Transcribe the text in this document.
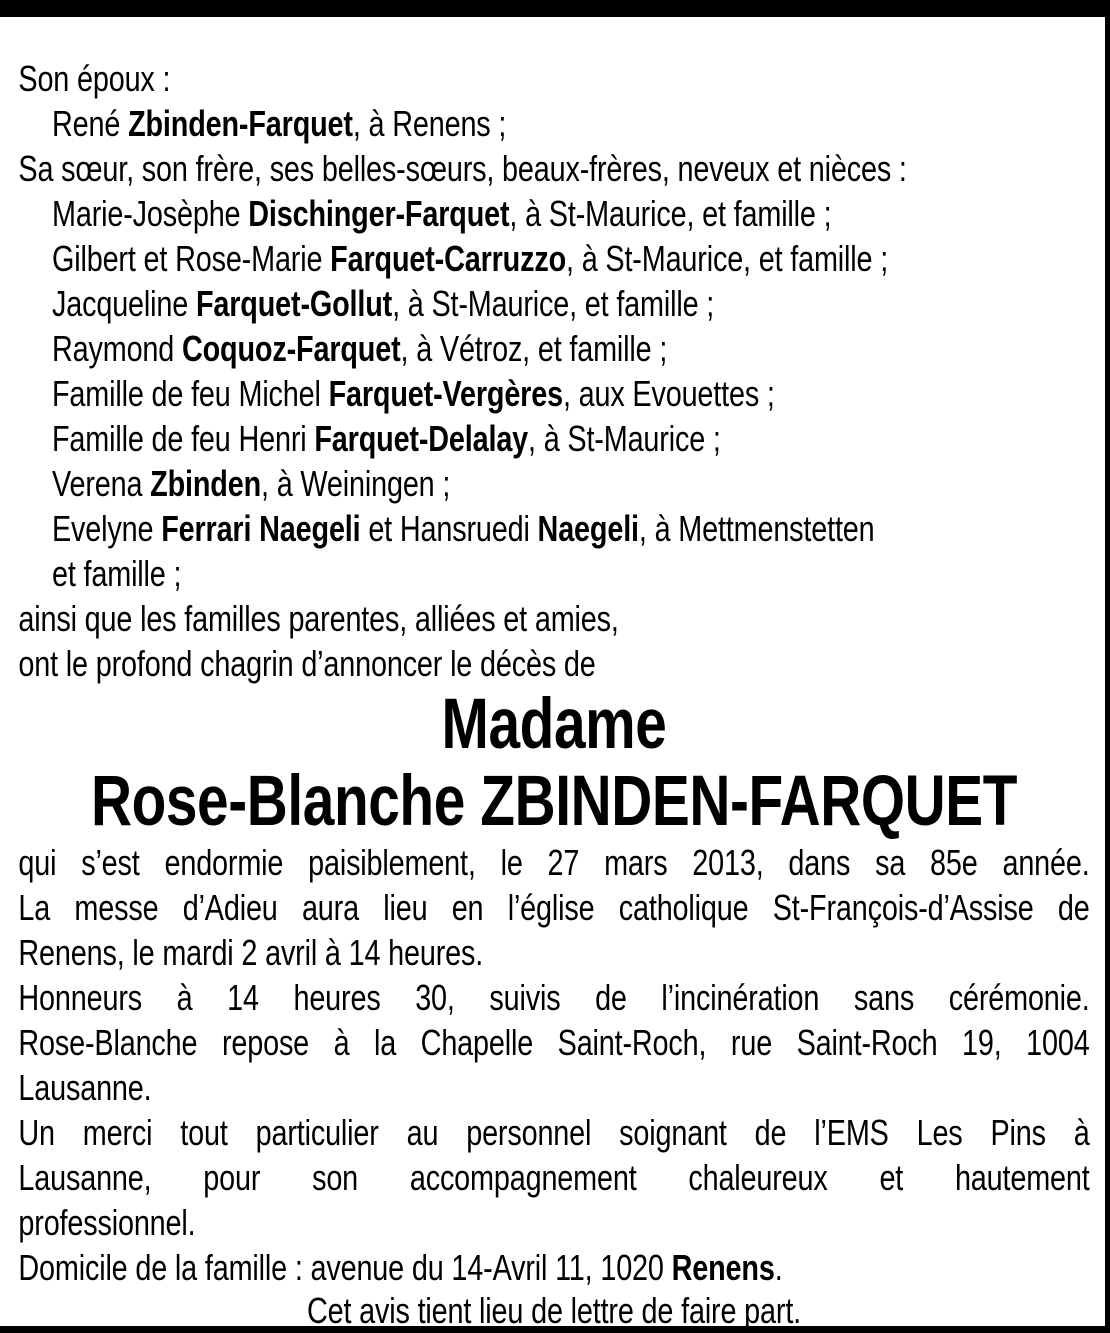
Son époux :
René Zbinden-Farquet, à Renens ;
Sa sœur, son frère, ses belles-sœurs, beaux-frères, neveux et nièces :
Marie-Josèphe Dischinger-Farquet, à St-Maurice, et famille ;
Gilbert et Rose-Marie Farquet-Carruzzo, à St-Maurice, et famille ;
Jacqueline Farquet-Gollut, à St-Maurice, et famille ;
Raymond Coquoz-Farquet, à Vétroz, et famille ;
Famille de feu Michel Farquet-Vergères, aux Evouettes ;
Famille de feu Henri Farquet-Delalay, à St-Maurice ;
Verena Zbinden, à Weiningen ;
Evelyne Ferrari Naegeli et Hansruedi Naegeli, à Mettmenstetten
et famille ;
ainsi que les familles parentes, alliées et amies,
ont le profond chagrin d’annoncer le décès de
Madame
Rose-Blanche ZBINDEN-FARQUET
qui s’est endormie paisiblement, le 27 mars 2013, dans sa 85e année.
La messe d’Adieu aura lieu en l’église catholique St-François-d’Assise de
Renens, le mardi 2 avril à 14 heures.
Honneurs à 14 heures 30, suivis de l’incinération sans cérémonie.
Rose-Blanche repose à la Chapelle Saint-Roch, rue Saint-Roch 19, 1004
Lausanne.
Un merci tout particulier au personnel soignant de l’EMS Les Pins à
Lausanne, pour son accompagnement chaleureux et hautement
professionnel.
Domicile de la famille : avenue du 14-Avril 11, 1020 Renens.
Cet avis tient lieu de lettre de faire part.
